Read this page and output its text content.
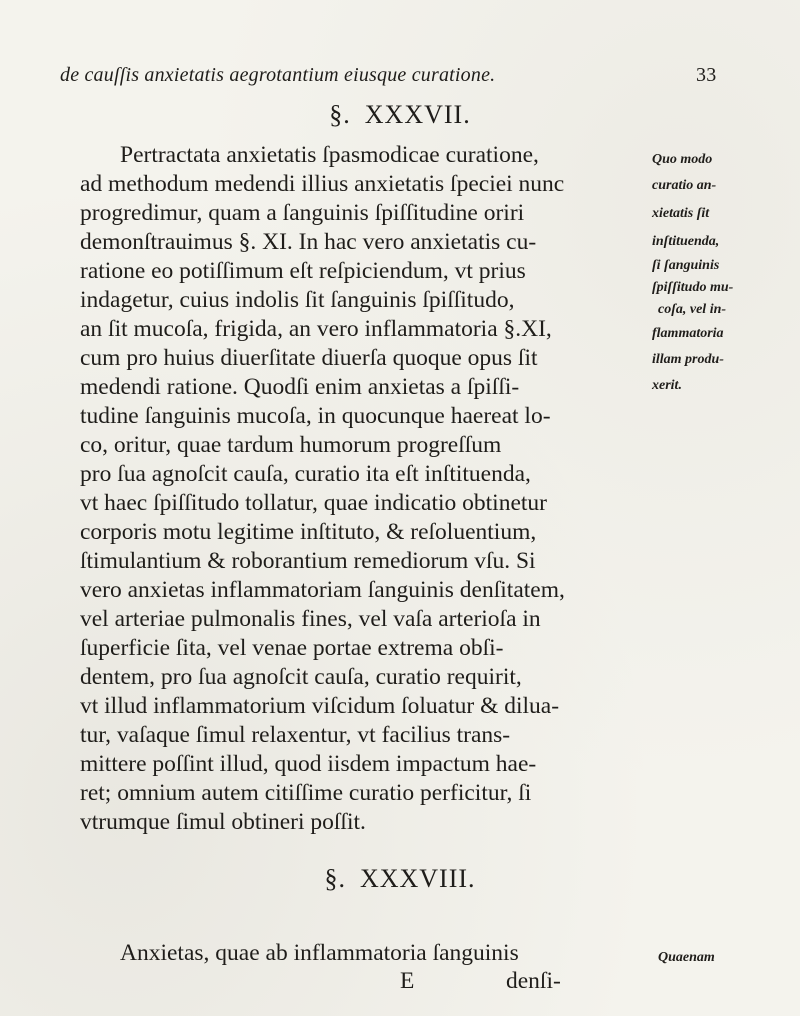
de cauſſis anxietatis aegrotantium eiusque curatione.	33
§. XXXVII.
Pertractata anxietatis ſpasmodicae curatione,
ad methodum medendi illius anxietatis ſpeciei nunc
progredimur, quam a ſanguinis ſpiſſitudine oriri
demonſtrauimus §. XI. In hac vero anxietatis cu-
ratione eo potiſſimum eſt reſpiciendum, vt prius
indagetur, cuius indolis ſit ſanguinis ſpiſſitudo,
an ſit mucoſa, frigida, an vero inflammatoria §.XI,
cum pro huius diuerſitate diuerſa quoque opus ſit
medendi ratione. Quodſi enim anxietas a ſpiſſi-
tudine ſanguinis mucoſa, in quocunque haereat lo-
co, oritur, quae tardum humorum progreſſum
pro ſua agnoſcit cauſa, curatio ita eſt inſtituenda,
vt haec ſpiſſitudo tollatur, quae indicatio obtinetur
corporis motu legitime inſtituto, & reſoluentium,
ſtimulantium & roborantium remediorum vſu. Si
vero anxietas inflammatoriam ſanguinis denſitatem,
vel arteriae pulmonalis fines, vel vaſa arterioſa in
ſuperficie ſita, vel venae portae extrema obſi-
dentem, pro ſua agnoſcit cauſa, curatio requirit,
vt illud inflammatorium viſcidum ſoluatur & dilua-
tur, vaſaque ſimul relaxentur, vt facilius trans-
mittere poſſint illud, quod iisdem impactum hae-
ret; omnium autem citiſſime curatio perficitur, ſi
vtrumque ſimul obtineri poſſit.
Quo modo
curatio an-
xietatis ſit
inſtituenda,
ſi ſanguinis
ſpiſſitudo mu-
coſa, vel in-
flammatoria
illam produ-
xerit.
§. XXXVIII.
Anxietas, quae ab inflammatoria ſanguinis	Quaenam
E	denſi-
